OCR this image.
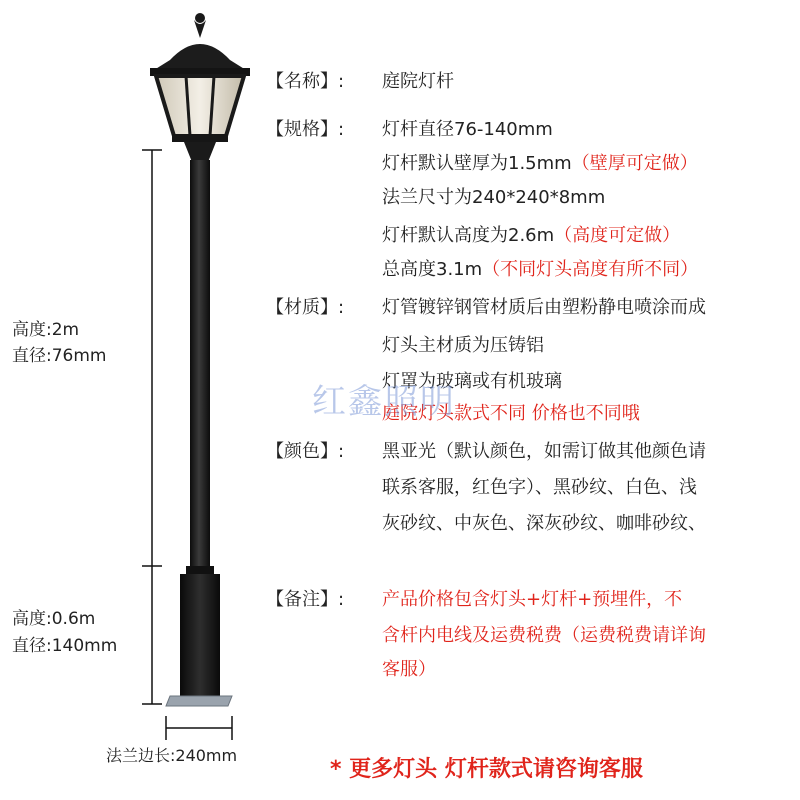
高度:2m
直径:76mm
高度:0.6m
直径:140mm
法兰边长:240mm
【名称】: 庭院灯杆
【规格】: 灯杆直径76-140mm
灯杆默认壁厚为1.5mm（壁厚可定做）
法兰尺寸为240*240*8mm
灯杆默认高度为2.6m（高度可定做）
总高度3.1m（不同灯头高度有所不同）
【材质】: 灯管镀锌钢管材质后由塑粉静电喷涂而成
灯头主材质为压铸铝
灯罩为玻璃或有机玻璃
庭院灯头款式不同 价格也不同哦
红鑫照明
【颜色】: 黑亚光（默认颜色，如需订做其他颜色请
联系客服，红色字）、黑砂纹、白色、浅
灰砂纹、中灰色、深灰砂纹、咖啡砂纹、
【备注】: 产品价格包含灯头+灯杆+预埋件，不
含杆内电线及运费税费（运费税费请详询
客服）
* 更多灯头 灯杆款式请咨询客服
